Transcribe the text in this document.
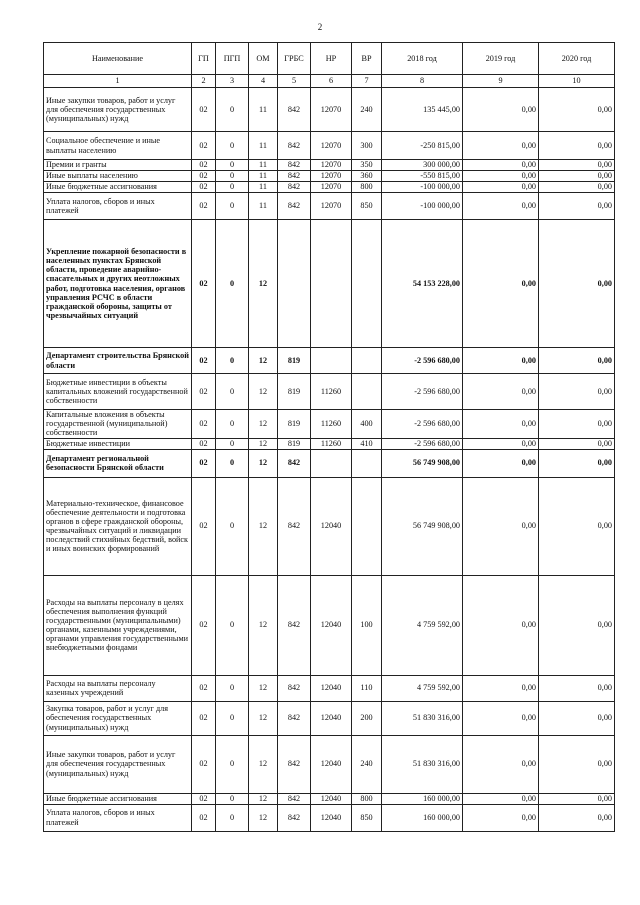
2
Наименование	ГП	ПГП	ОМ	ГРБС	НР	ВР	2018 год	2019 год	2020 год
1	2	3	4	5	6	7	8	9	10
Иные закупки товаров, работ и услуг для обеспечения государственных (муниципальных) нужд	02	0	11	842	12070	240	135 445,00	0,00	0,00
Социальное обеспечение и иные выплаты населению	02	0	11	842	12070	300	-250 815,00	0,00	0,00
Премии и гранты	02	0	11	842	12070	350	300 000,00	0,00	0,00
Иные выплаты населению	02	0	11	842	12070	360	-550 815,00	0,00	0,00
Иные бюджетные ассигнования	02	0	11	842	12070	800	-100 000,00	0,00	0,00
Уплата налогов, сборов и иных платежей	02	0	11	842	12070	850	-100 000,00	0,00	0,00
Укрепление пожарной безопасности в населенных пунктах Брянской области, проведение аварийно-спасательных и других неотложных работ, подготовка населения, органов управления РСЧС в области гражданской обороны, защиты от чрезвычайных ситуаций	02	0	12				54 153 228,00	0,00	0,00
Департамент строительства Брянской области	02	0	12	819			-2 596 680,00	0,00	0,00
Бюджетные инвестиции в объекты капитальных вложений государственной собственности	02	0	12	819	11260		-2 596 680,00	0,00	0,00
Капитальные вложения в объекты государственной (муниципальной) собственности	02	0	12	819	11260	400	-2 596 680,00	0,00	0,00
Бюджетные инвестиции	02	0	12	819	11260	410	-2 596 680,00	0,00	0,00
Департамент региональной безопасности Брянской области	02	0	12	842			56 749 908,00	0,00	0,00
Материально-техническое, финансовое обеспечение деятельности и подготовка органов в сфере гражданской обороны, чрезвычайных ситуаций и ликвидации последствий стихийных бедствий, войск и иных воинских формирований	02	0	12	842	12040		56 749 908,00	0,00	0,00
Расходы на выплаты персоналу в целях обеспечения выполнения функций государственными (муниципальными) органами, казенными учреждениями, органами управления государственными внебюджетными фондами	02	0	12	842	12040	100	4 759 592,00	0,00	0,00
Расходы на выплаты персоналу казенных учреждений	02	0	12	842	12040	110	4 759 592,00	0,00	0,00
Закупка товаров, работ и услуг для обеспечения государственных (муниципальных) нужд	02	0	12	842	12040	200	51 830 316,00	0,00	0,00
Иные закупки товаров, работ и услуг для обеспечения государственных (муниципальных) нужд	02	0	12	842	12040	240	51 830 316,00	0,00	0,00
Иные бюджетные ассигнования	02	0	12	842	12040	800	160 000,00	0,00	0,00
Уплата налогов, сборов и иных платежей	02	0	12	842	12040	850	160 000,00	0,00	0,00
